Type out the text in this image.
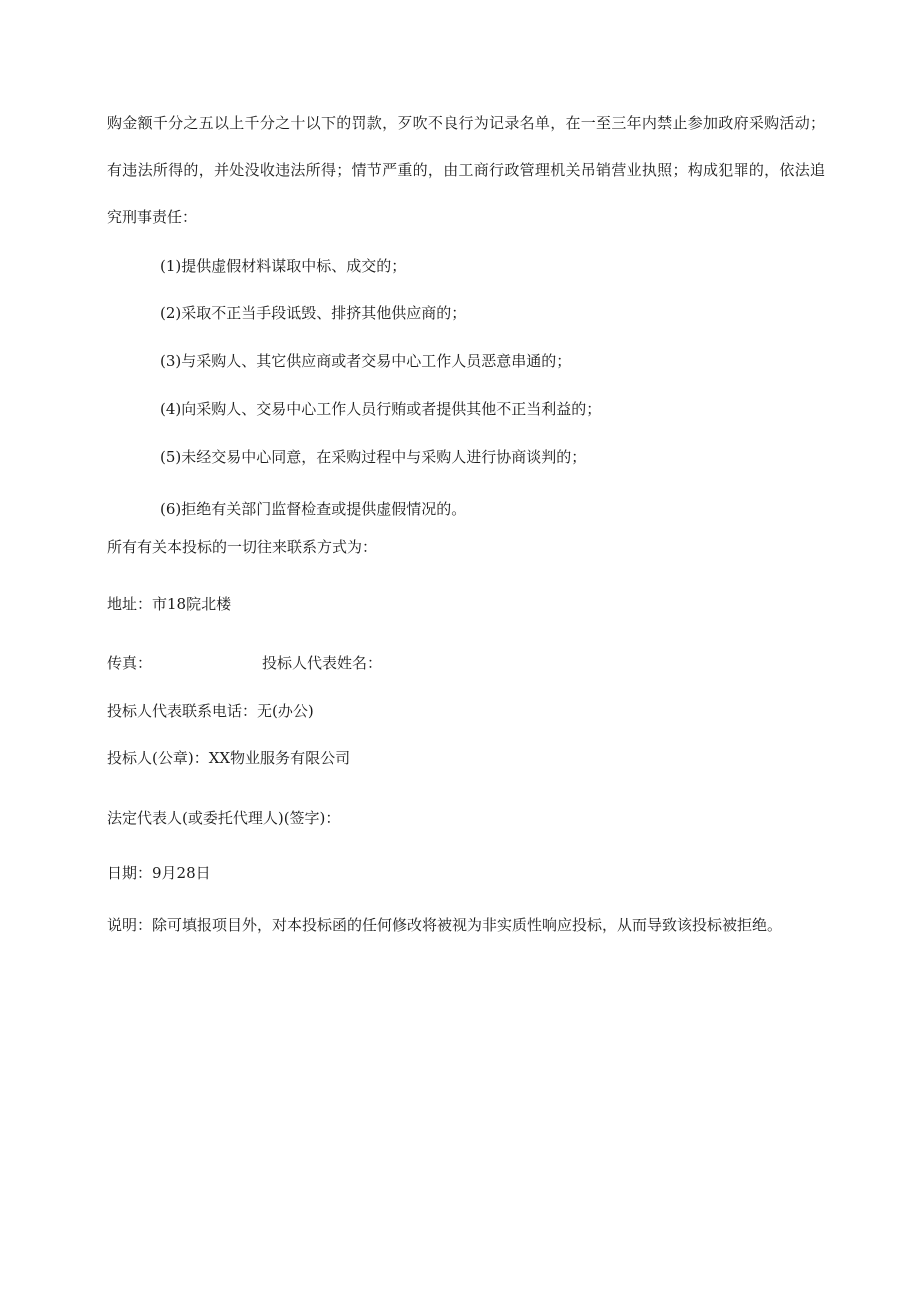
购金额千分之五以上千分之十以下的罚款，歹吹不良行为记录名单，在一至三年内禁止参加政府采购活动；
有违法所得的，并处没收违法所得；情节严重的，由工商行政管理机关吊销营业执照；构成犯罪的，依法追
究刑事责任：
(1)提供虚假材料谋取中标、成交的；
(2)采取不正当手段诋毁、排挤其他供应商的；
(3)与采购人、其它供应商或者交易中心工作人员恶意串通的；
(4)向采购人、交易中心工作人员行贿或者提供其他不正当利益的；
(5)未经交易中心同意，在采购过程中与采购人进行协商谈判的；
(6)拒绝有关部门监督检查或提供虚假情况的。
所有有关本投标的一切往来联系方式为：
地址：市18院北楼
传真：	投标人代表姓名：
投标人代表联系电话：无(办公)
投标人(公章)：XX物业服务有限公司
法定代表人(或委托代理人)(签字)：
日期：9月28日
说明：除可填报项目外，对本投标函的任何修改将被视为非实质性响应投标，从而导致该投标被拒绝。
